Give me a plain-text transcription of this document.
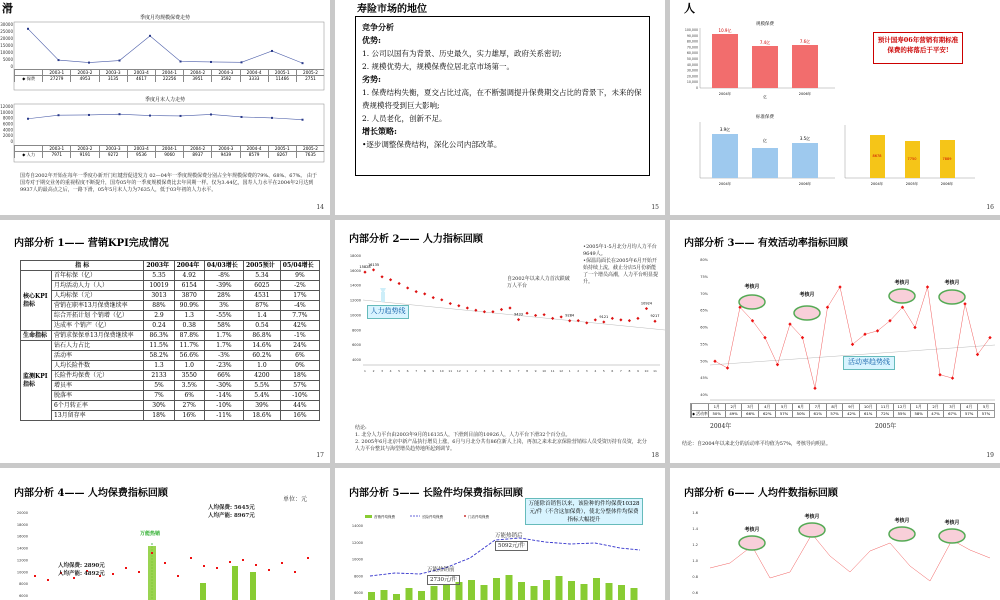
滑
季度月均规模保费走势
30000
25000
20000
15000
10000
5000
0
季度月末人力走势
12000
10000
8000
6000
4000
2000
0
2003-1	2003-2	2003-3	2003-4	2004-1	2004-2	2004-3	2004-4	2005-1	2005-2
◆ 保费	27279	4953	3135	4617	22256	3951	3592	3333	11466	2751
2003-1	2003-2	2003-3	2003-4	2004-1	2004-2	2004-3	2004-4	2005-1	2005-2
◆ 人力	7971	9191	9272	9536	9060	8937	9439	8579	8267	7635
国寿自2002年开始在每年一季度办新开门红键营促进发力 02—04年一季度规模保费分别占全年规模保费的79%、68%、67%。 由于国寿对于期交业务的重视程度不断提升，国寿05年的一季度规模保费比去年同期一样。仅为3.44亿，国寿人力水平在2004年2月达到9937人的最高点之后，一路下滑，05年5月末人力为7635人，低于03年初的人力水平。
14
寿险市场的地位
竞争分析
优势:
1. 公司以国有为背景、历史最久，实力雄厚，政府关系密切;
2. 规模优势大，规模保费位居北京市场第一。
劣势:
1. 保费结构失衡，夏交占比过高，在不断强调提升保费期交占比的背景下，未来的保费规模将受到巨大影响;
2. 人员老化，创新不足。
增长策略:
•逐步调整保费结构，深化公司内部改革。
15
人
规模保费
100,000
90,000
80,000
70,000
60,000
50,000
40,000
30,000
20,000
10,000
0
10.9亿
7.4亿	7.6亿
2004年
亿
2006年
标准保费
3.9亿
亿	3.5亿
2004年	2006年
8678
7750	7889
2004年	2005年	2006年
预计国寿06年营销有期标准保费的将落后于平安!
16
内部分析 1—— 营销KPI完成情况
指 标		2003年	2004年	04/03增长	2005预计	05/04增长
核心KPI指标	首年标保（亿）	5.35	4.92	-8%	5.34	9%
	月均活动人力（人）	10019	6154	-39%	6025	-2%
	人均标保（元）	3013	3870	28%	4531	17%
	营销在职率13月保费继续率	88%	90.9%	3%	87%	-4%
	综合开拓计划 个销增（亿）	2.9	1.3	-55%	1.4	7.7%
	达成率 个销产（亿）	0.24	0.38	58%	0.54	42%
生命指标	营销求保保单13月保费继续率	86.3%	87.8%	1.7%	86.8%	-1%
监测KPI指标	钻石人力占比	11.5%	11.7%	1.7%	14.6%	24%
	活动率	58.2%	56.6%	-3%	60.2%	6%
	人均长险件数	1.3	1.0	-23%	1.0	0%
	长险件均保费（元）	2133	3550	66%	4200	18%
	增员率	5%	3.5%	-30%	5.5%	57%
	脱落率	7%	6%	-14%	5.4%	-10%
	6个月转正率	30%	27%	-10%	39%	44%
	13月留存率	18%	16%	-11%	18.6%	16%
17
内部分析 2—— 人力指标回顾
18000
16000
14000
12000
10000
8000
6000
4000
15828
16135
9433	9284	9121
10924
9217
1 2 3 4 5 6 7 8 9 10 11 12 1 2 3 4 5 6 7 8 9 10 11 12 1 2 3 4 5 6 7 8 9 10 11
人力趋势线
自2002年以来人力首次跌破万人平台
•2005年1-5月北分月均人力平台9649人。
•保温局面长在2005年6月开始开始持续上流，截止分店5月份新能了一个增员高潮，人力平台明显提升。
结论:
1. 北分人力平台由2003年9月的16135人，下滑到目前的10926人，人力平台下滑32个百分点。
2. 2005年6月北京中新产品执行增员上涨，6月与月北分共有86位新人上岗，再加之来未北京保险营销综人员受资历持有员资，北分人力平台整其与海型增员趋势地所起到调节。
18
内部分析 3—— 有效活动率指标回顾
80%
75%
70%
65%
60%
55%
50%
45%
40%
考核月
考核月
考核月	考核月
活动率趋势线
1月	2月	3月	4月	5月	6月	7月	8月	9月	10月	11月	12月	1月	2月	3月	4月	5月
◆ 活动率	50%	49%	66%	62%	57%	50%	61%	57%	42%	61%	72%	55%	58%	47%	67%	57%	57%
2004年	2005年
结论：自2004年以来北分的活动率平均值为57%，考核导向明显。
19
内部分析 4—— 人均保费指标回顾
单位：元
20000
18000
16000
14000
12000
10000
8000
6000
人均保费: 5645元
人均产能: 8967元
人均保费: 2890元
人均产能: 4892元
万能热销
内部分析 5—— 长险件均保费指标回顾
首销件均保费	长险件均保费	门店件均保费
14000
12000
10000
8000
6000
万能除首销售以来，该险种的件均保费10328元/件（不含这加保费），使北分整体件均保费指标大幅提升
万能热销后
5092元/件
万能热销前
2730元/件
内部分析 6—— 人均件数指标回顾
1.6
1.4
1.2
1.0
0.8
0.6
考核月
考核月
考核月	考核月
